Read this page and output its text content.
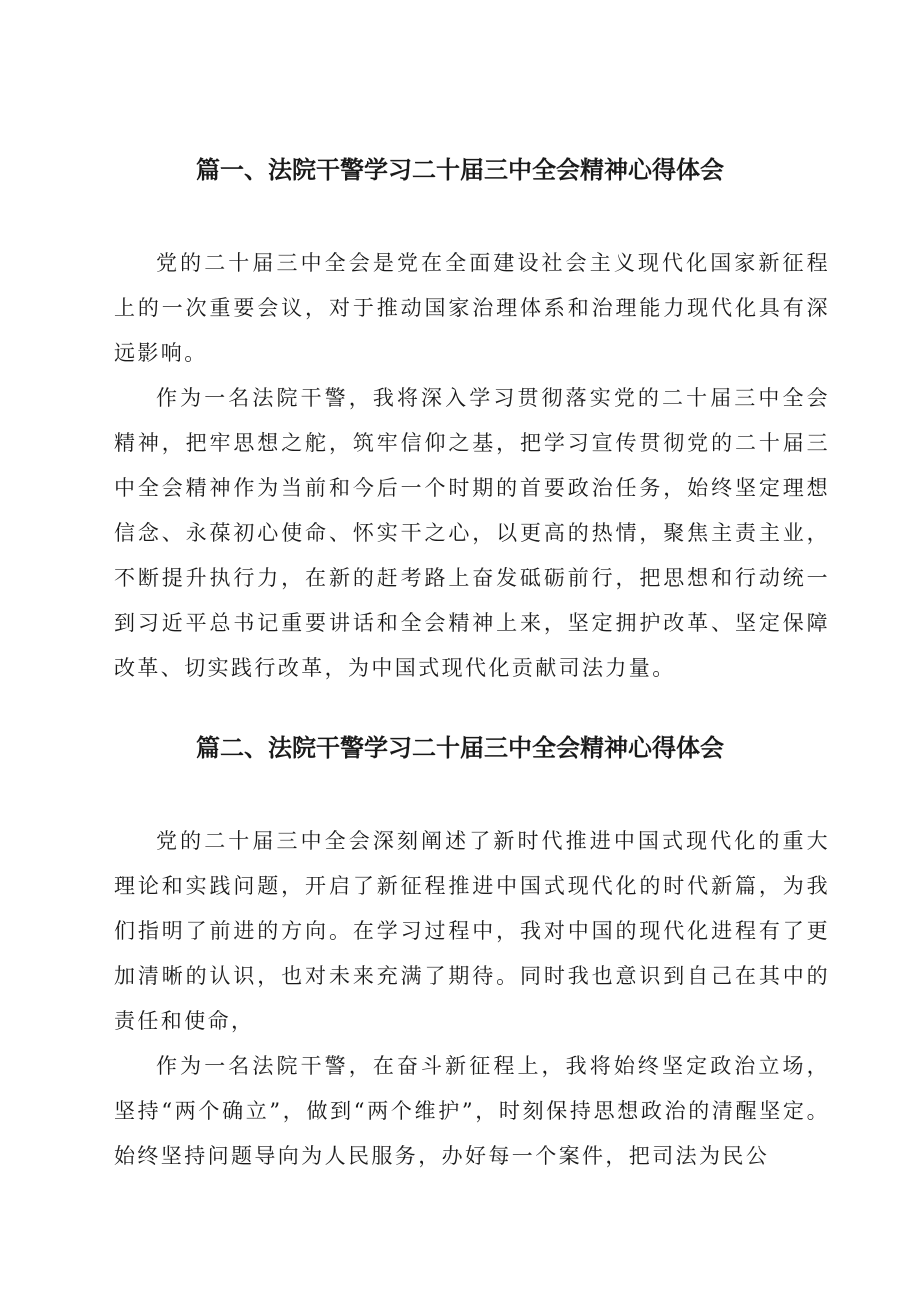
篇一、法院干警学习二十届三中全会精神心得体会

党的二十届三中全会是党在全面建设社会主义现代化国家新征程上的一次重要会议，对于推动国家治理体系和治理能力现代化具有深远影响。

作为一名法院干警，我将深入学习贯彻落实党的二十届三中全会精神，把牢思想之舵，筑牢信仰之基，把学习宣传贯彻党的二十届三中全会精神作为当前和今后一个时期的首要政治任务，始终坚定理想信念、永葆初心使命、怀实干之心，以更高的热情，聚焦主责主业，不断提升执行力，在新的赶考路上奋发砥砺前行，把思想和行动统一到习近平总书记重要讲话和全会精神上来，坚定拥护改革、坚定保障改革、切实践行改革，为中国式现代化贡献司法力量。

篇二、法院干警学习二十届三中全会精神心得体会

党的二十届三中全会深刻阐述了新时代推进中国式现代化的重大理论和实践问题，开启了新征程推进中国式现代化的时代新篇，为我们指明了前进的方向。在学习过程中，我对中国的现代化进程有了更加清晰的认识，也对未来充满了期待。同时我也意识到自己在其中的责任和使命，

作为一名法院干警，在奋斗新征程上，我将始终坚定政治立场，坚持“两个确立”，做到“两个维护”，时刻保持思想政治的清醒坚定。始终坚持问题导向为人民服务，办好每一个案件，把司法为民公
